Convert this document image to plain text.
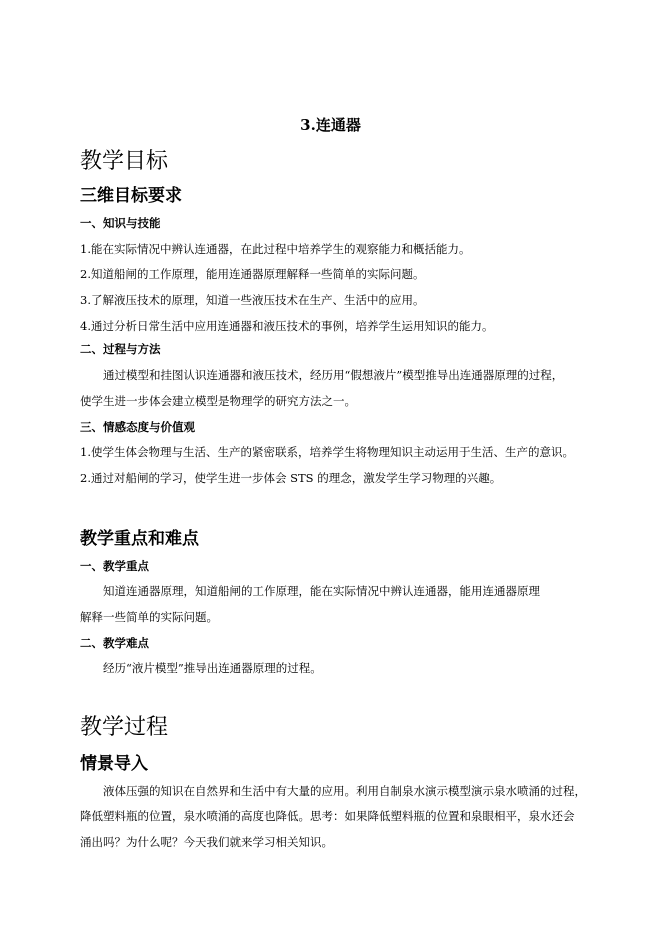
3.连通器
教学目标
三维目标要求
一、知识与技能
1.能在实际情况中辨认连通器，在此过程中培养学生的观察能力和概括能力。
2.知道船闸的工作原理，能用连通器原理解释一些简单的实际问题。
3.了解液压技术的原理，知道一些液压技术在生产、生活中的应用。
4.通过分析日常生活中应用连通器和液压技术的事例，培养学生运用知识的能力。
二、过程与方法
通过模型和挂图认识连通器和液压技术，经历用“假想液片”模型推导出连通器原理的过程，
使学生进一步体会建立模型是物理学的研究方法之一。
三、情感态度与价值观
1.使学生体会物理与生活、生产的紧密联系，培养学生将物理知识主动运用于生活、生产的意识。
2.通过对船闸的学习，使学生进一步体会 STS 的理念，激发学生学习物理的兴趣。
教学重点和难点
一、教学重点
知道连通器原理，知道船闸的工作原理，能在实际情况中辨认连通器，能用连通器原理
解释一些简单的实际问题。
二、教学难点
经历“液片模型”推导出连通器原理的过程。
教学过程
情景导入
液体压强的知识在自然界和生活中有大量的应用。利用自制泉水演示模型演示泉水喷涌的过程，
降低塑料瓶的位置，泉水喷涌的高度也降低。思考：如果降低塑料瓶的位置和泉眼相平，泉水还会
涌出吗？为什么呢？今天我们就来学习相关知识。
